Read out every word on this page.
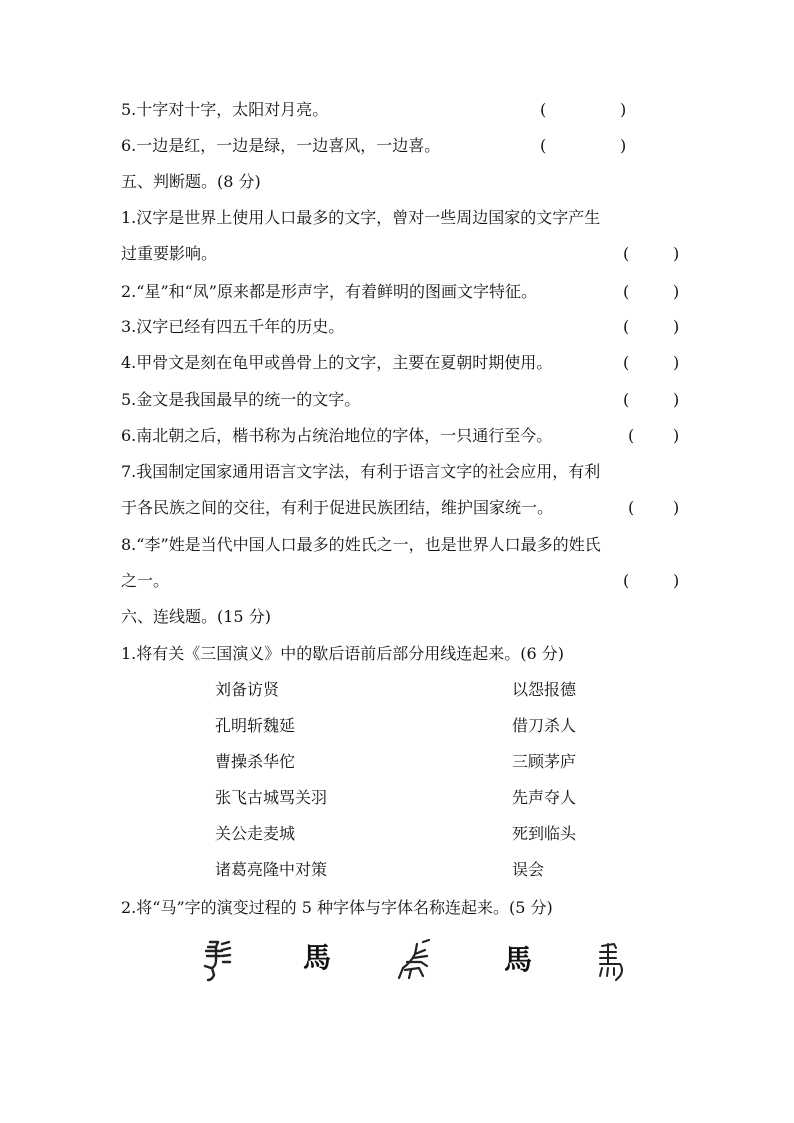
5.十字对十字，太阳对月亮。	(	)
6.一边是红，一边是绿，一边喜风，一边喜。	(	)
五、判断题。(8 分)
1.汉字是世界上使用人口最多的文字，曾对一些周边国家的文字产生
过重要影响。	(	)
2.“星”和“凤”原来都是形声字，有着鲜明的图画文字特征。	(	)
3.汉字已经有四五千年的历史。	(	)
4.甲骨文是刻在龟甲或兽骨上的文字，主要在夏朝时期使用。	(	)
5.金文是我国最早的统一的文字。	(	)
6.南北朝之后，楷书称为占统治地位的字体，一只通行至今。	( )
7.我国制定国家通用语言文字法，有利于语言文字的社会应用，有利
于各民族之间的交往，有利于促进民族团结，维护国家统一。	( )
8.“李”姓是当代中国人口最多的姓氏之一，也是世界人口最多的姓氏
之一。	(	)
六、连线题。(15 分)
1.将有关《三国演义》中的歇后语前后部分用线连起来。(6 分)
刘备访贤	以怨报德
孔明斩魏延	借刀杀人
曹操杀华佗	三顾茅庐
张飞古城骂关羽	先声夺人
关公走麦城	死到临头
诸葛亮隆中对策	误会
2.将“马”字的演变过程的 5 种字体与字体名称连起来。(5 分)
馬	馬
